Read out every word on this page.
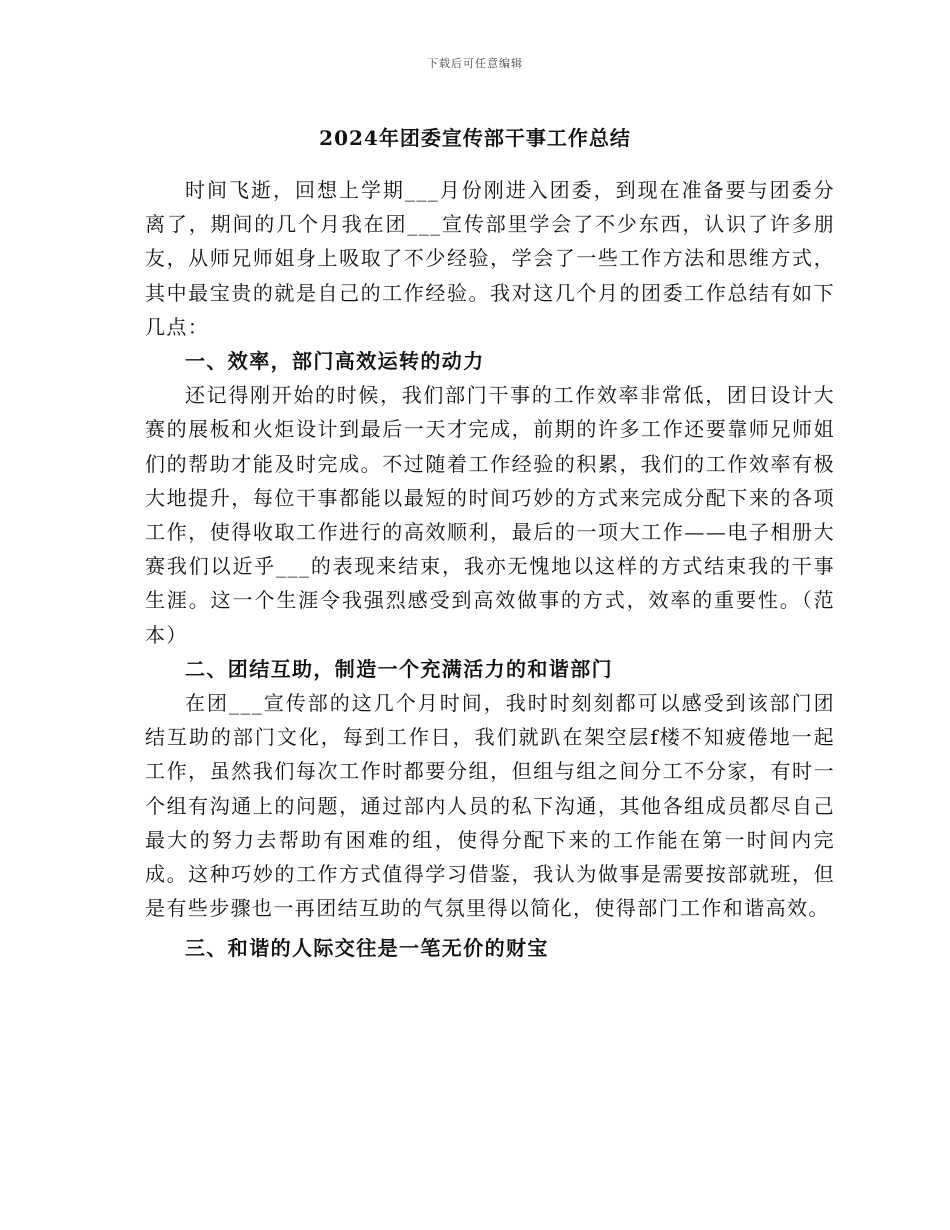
下载后可任意编辑
2024年团委宣传部干事工作总结

时间飞逝，回想上学期___月份刚进入团委，到现在准备要与团委分离了，期间的几个月我在团___宣传部里学会了不少东西，认识了许多朋友，从师兄师姐身上吸取了不少经验，学会了一些工作方法和思维方式，其中最宝贵的就是自己的工作经验。我对这几个月的团委工作总结有如下几点：

一、效率，部门高效运转的动力

还记得刚开始的时候，我们部门干事的工作效率非常低，团日设计大赛的展板和火炬设计到最后一天才完成，前期的许多工作还要靠师兄师姐们的帮助才能及时完成。不过随着工作经验的积累，我们的工作效率有极大地提升，每位干事都能以最短的时间巧妙的方式来完成分配下来的各项工作，使得收取工作进行的高效顺利，最后的一项大工作——电子相册大赛我们以近乎___的表现来结束，我亦无愧地以这样的方式结束我的干事生涯。这一个生涯令我强烈感受到高效做事的方式，效率的重要性。（范本）

二、团结互助，制造一个充满活力的和谐部门

在团___宣传部的这几个月时间，我时时刻刻都可以感受到该部门团结互助的部门文化，每到工作日，我们就趴在架空层f楼不知疲倦地一起工作，虽然我们每次工作时都要分组，但组与组之间分工不分家，有时一个组有沟通上的问题，通过部内人员的私下沟通，其他各组成员都尽自己最大的努力去帮助有困难的组，使得分配下来的工作能在第一时间内完成。这种巧妙的工作方式值得学习借鉴，我认为做事是需要按部就班，但是有些步骤也一再团结互助的气氛里得以简化，使得部门工作和谐高效。

三、和谐的人际交往是一笔无价的财宝
